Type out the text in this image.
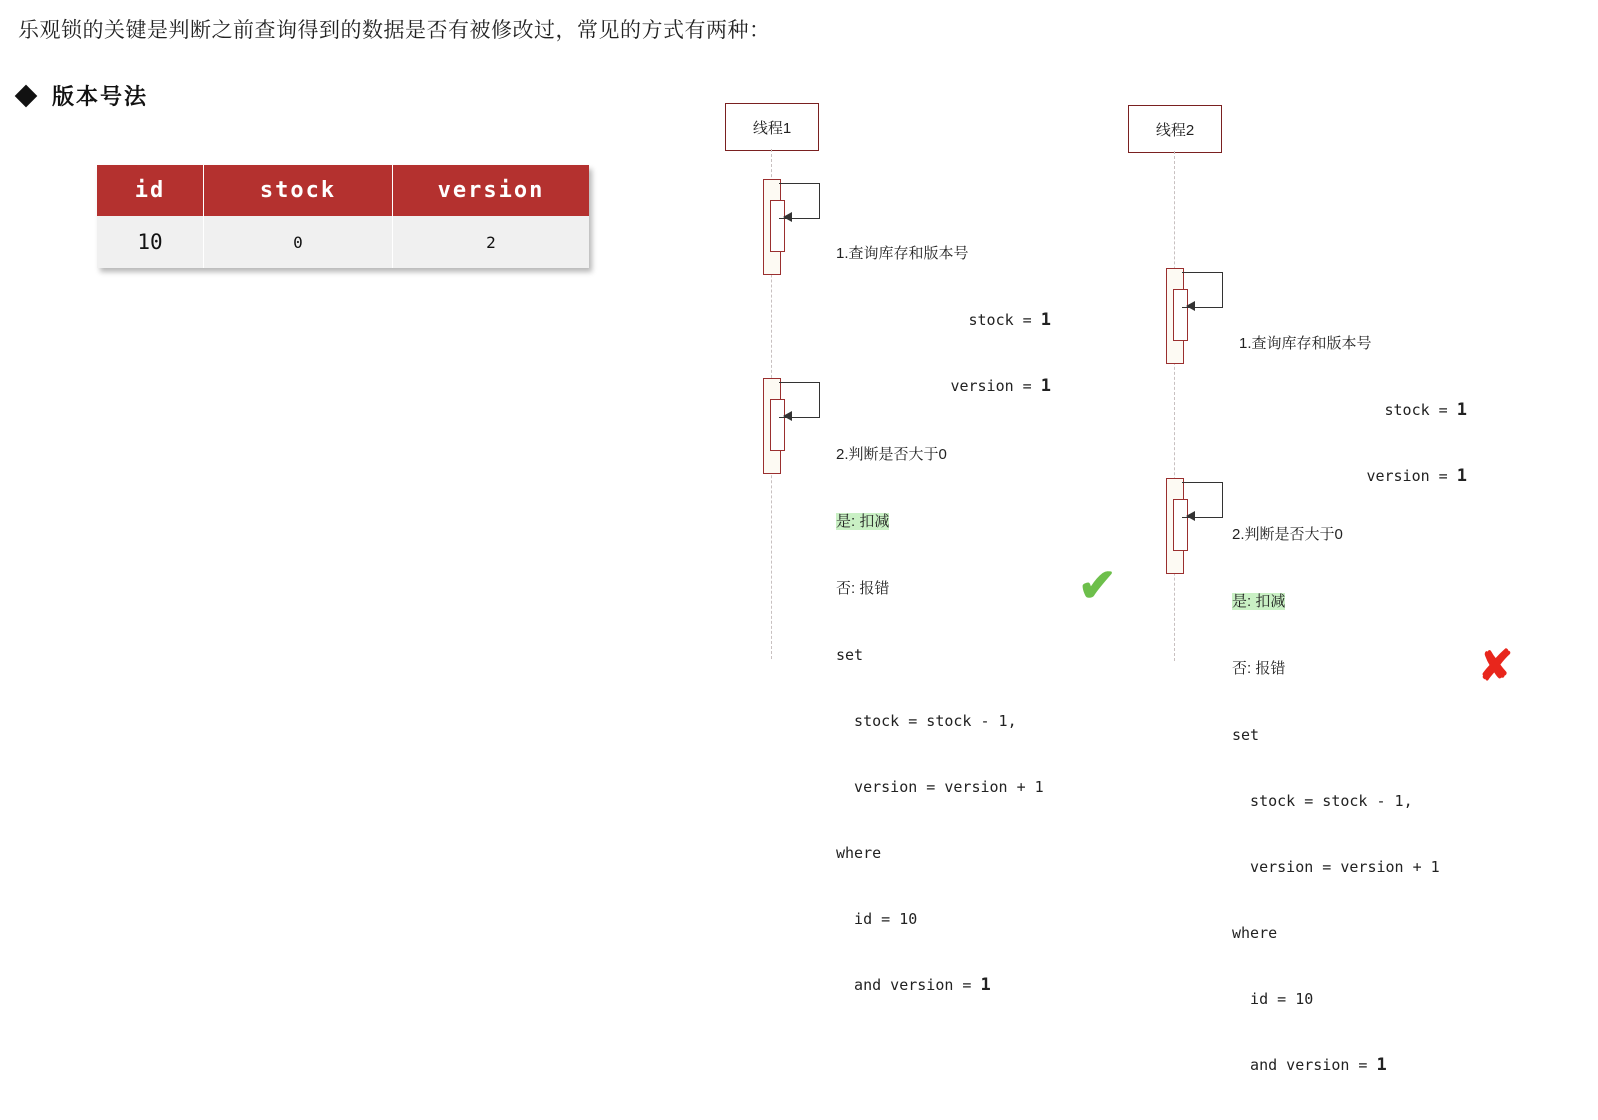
乐观锁的关键是判断之前查询得到的数据是否有被修改过，常见的方式有两种：
版本号法
id	stock	version
10	0	2
线程1

1.查询库存和版本号

stock = 1

version = 1

2.判断是否大于0

是: 扣减

否: 报错

set

stock = stock - 1,

version = version + 1

where

id = 10

and version = 1

✔
线程2

1.查询库存和版本号

stock = 1

version = 1

2.判断是否大于0

是: 扣减

否: 报错

set

stock = stock - 1,

version = version + 1

where

id = 10

and version = 1

✘
